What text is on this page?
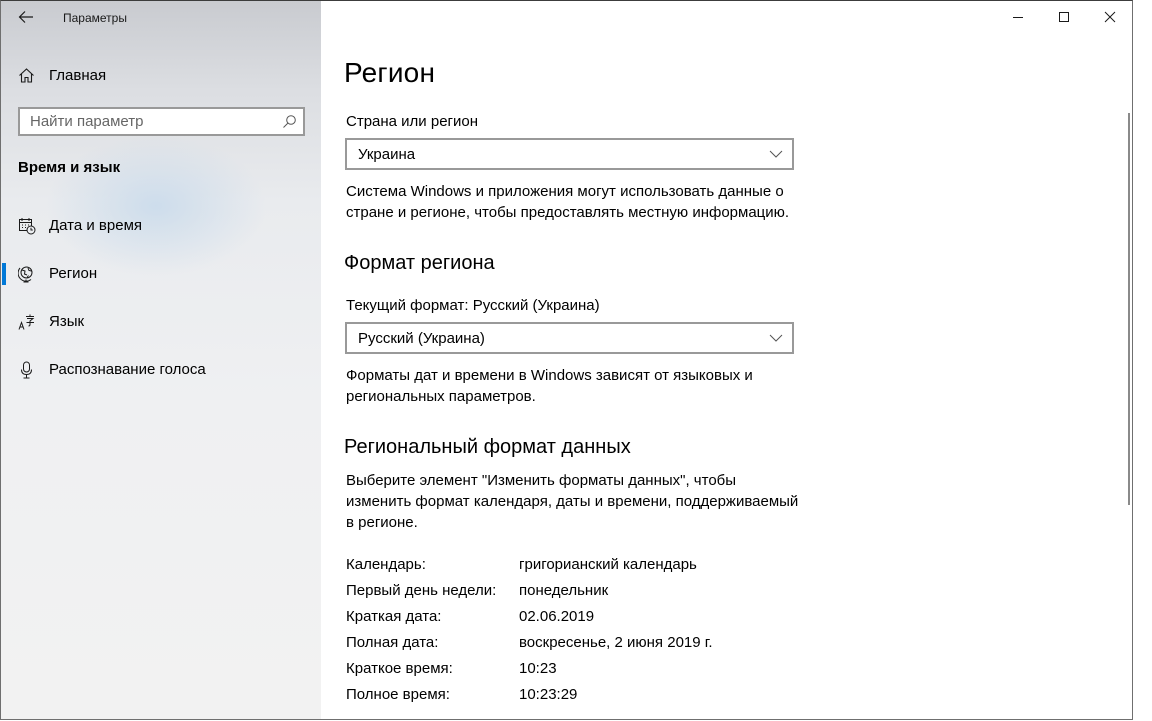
Параметры
Главная
Найти параметр
Время и язык
Дата и время
Регион
Язык
Распознавание голоса
Регион
Страна или регион
Украина
Система Windows и приложения могут использовать данные о стране и регионе, чтобы предоставлять местную информацию.
Формат региона
Текущий формат: Русский (Украина)
Русский (Украина)
Форматы дат и времени в Windows зависят от языковых и региональных параметров.
Региональный формат данных
Выберите элемент "Изменить форматы данных", чтобы изменить формат календаря, даты и времени, поддерживаемый в регионе.
Календарь:	григорианский календарь
Первый день недели: понедельник
Краткая дата:	02.06.2019
Полная дата:	воскресенье, 2 июня 2019 г.
Краткое время:	10:23
Полное время:	10:23:29
